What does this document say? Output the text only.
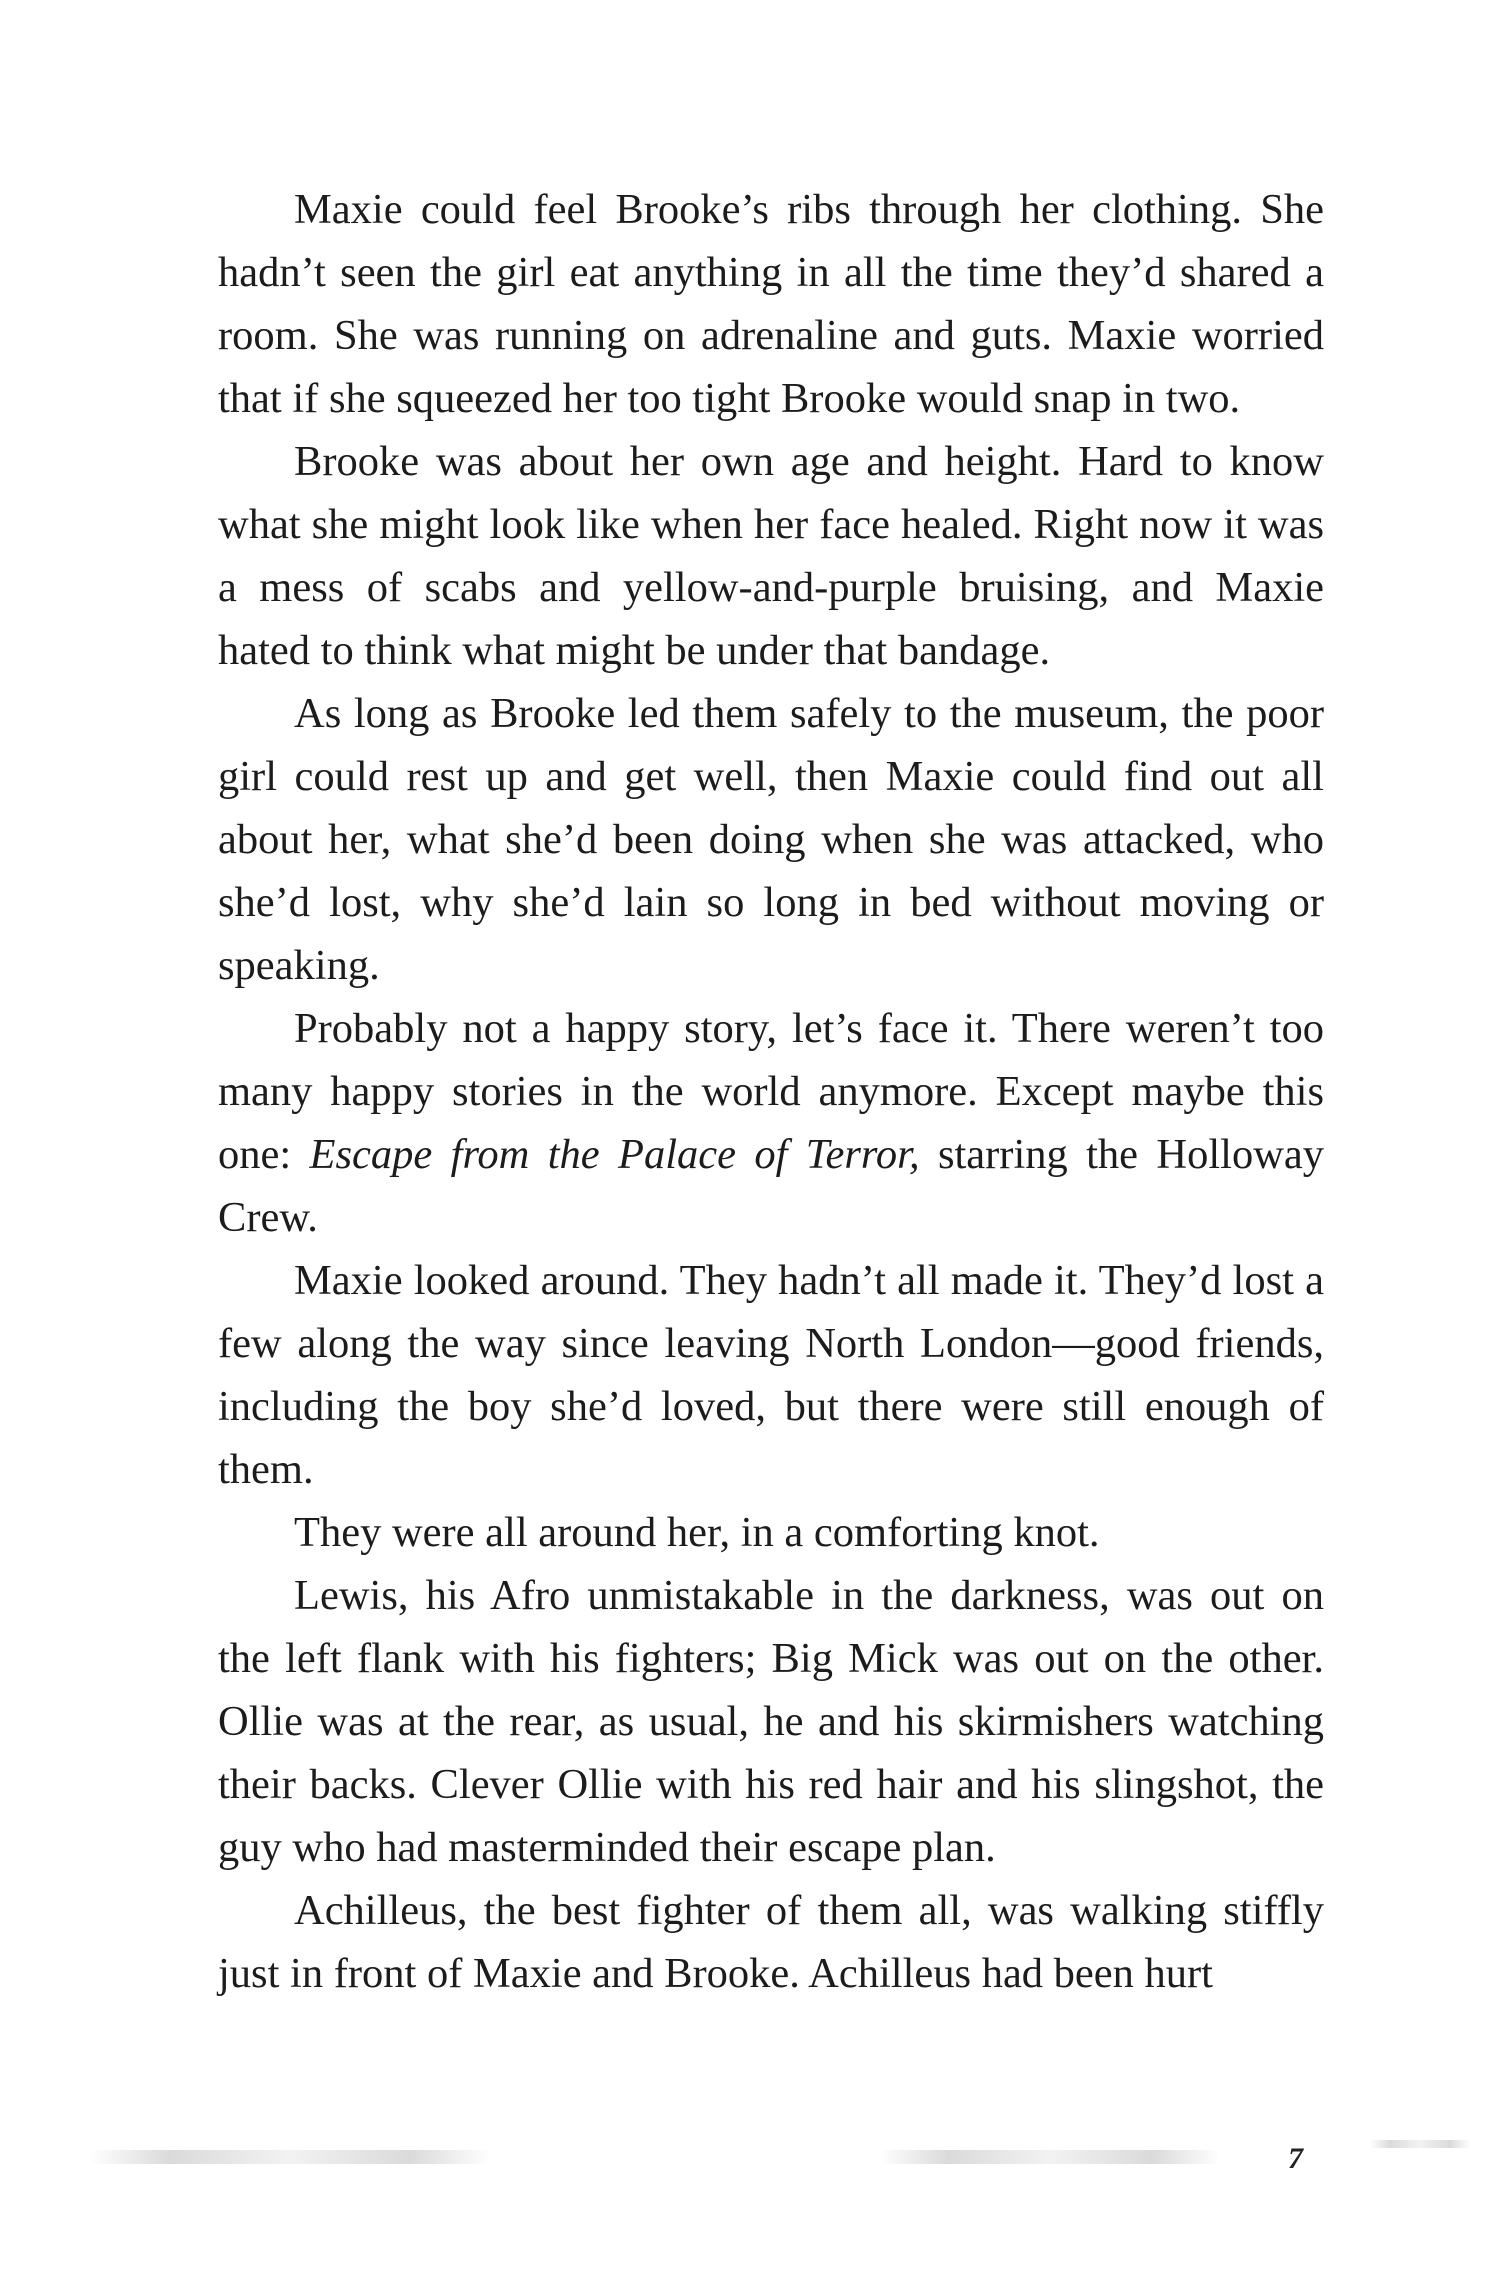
Maxie could feel Brooke’s ribs through her clothing. She hadn’t seen the girl eat anything in all the time they’d shared a room. She was running on adrenaline and guts. Maxie worried that if she squeezed her too tight Brooke would snap in two.

Brooke was about her own age and height. Hard to know what she might look like when her face healed. Right now it was a mess of scabs and yellow-and-purple bruising, and Maxie hated to think what might be under that bandage.

As long as Brooke led them safely to the museum, the poor girl could rest up and get well, then Maxie could find out all about her, what she’d been doing when she was attacked, who she’d lost, why she’d lain so long in bed without moving or speaking.

Probably not a happy story, let’s face it. There weren’t too many happy stories in the world anymore. Except maybe this one: Escape from the Palace of Terror, starring the Holloway Crew.

Maxie looked around. They hadn’t all made it. They’d lost a few along the way since leaving North London—good friends, including the boy she’d loved, but there were still enough of them.

They were all around her, in a comforting knot.

Lewis, his Afro unmistakable in the darkness, was out on the left flank with his fighters; Big Mick was out on the other. Ollie was at the rear, as usual, he and his skirmishers watching their backs. Clever Ollie with his red hair and his slingshot, the guy who had masterminded their escape plan.

Achilleus, the best fighter of them all, was walking stiffly just in front of Maxie and Brooke. Achilleus had been hurt

7
